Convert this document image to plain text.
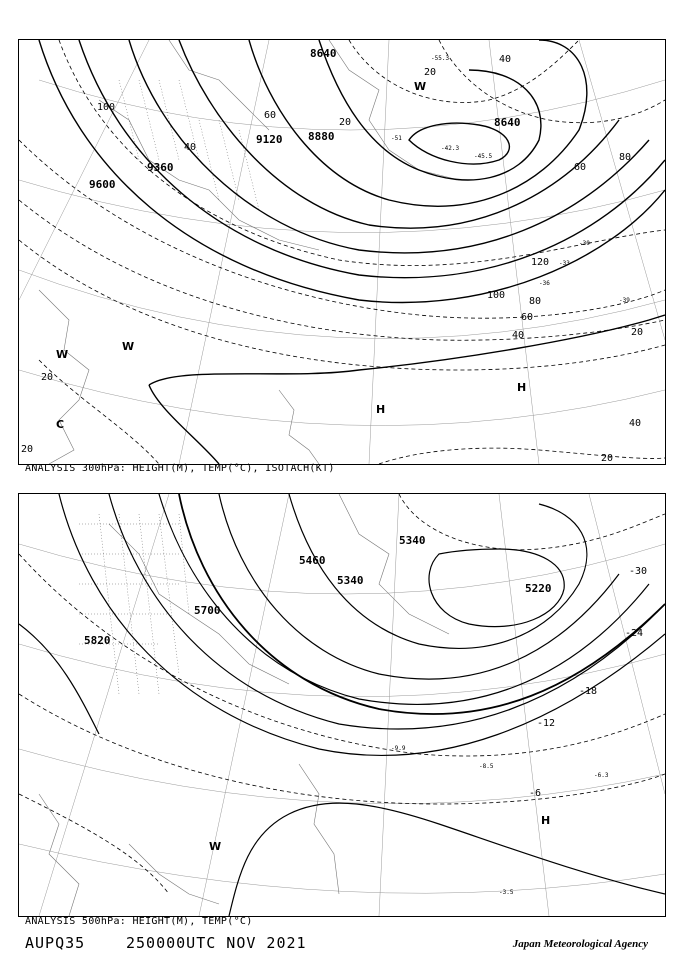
8640
8880
9120
9360
9600
8640
100
40
60
20
20
40
60
80
100
120
20
40
60
80
20
40
20
20
-55.3
-51
-45.5
-42.3
-39
-36
-33
-30
H
H
W
W
W
C
ANALYSIS 300hPa: HEIGHT(M), TEMP(°C), ISOTACH(KT)
5340
5340
5460
5700
5820
5220
-30
-24
-18
-12
-6
-6.3
-8.5
-9.9
-3.5
H
W
ANALYSIS 500hPa: HEIGHT(M), TEMP(°C)
AUPQ35	250000UTC NOV 2021	Japan Meteorological Agency
